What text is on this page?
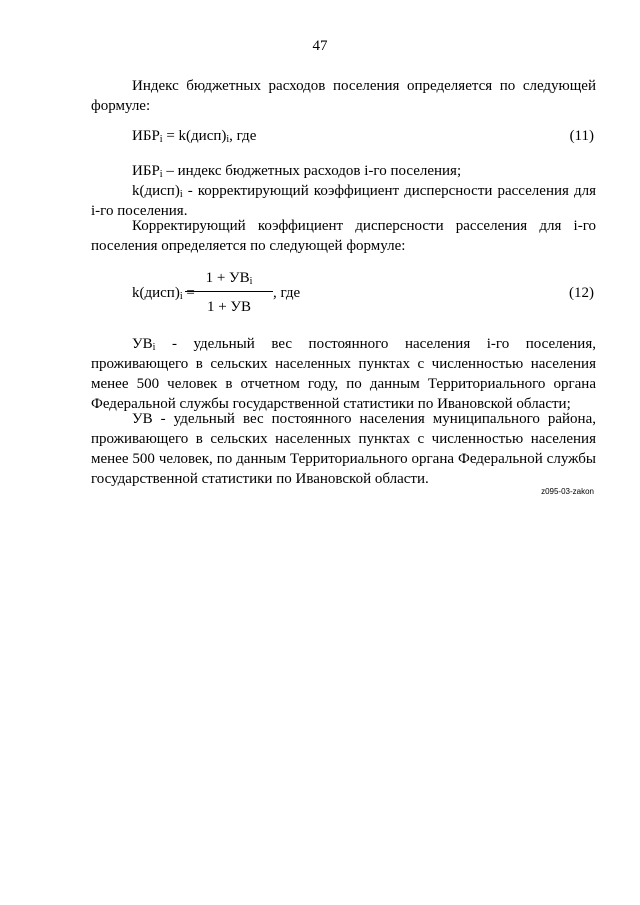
47

Индекс бюджетных расходов поселения определяется по следующей формуле:

$ИБР_i$ = $k(дисп)_i$, где	(11)

$ИБР_i$ – индекс бюджетных расходов i-го поселения;

$k(дисп)_i$ - корректирующий коэффициент дисперсности расселения для i-го поселения.

Корректирующий коэффициент дисперсности расселения для i-го поселения определяется по следующей формуле:

$k(дисп)_i$ =
$1 + УВ_i$
1 + УВ
, где	(12)

$УВ_i$ - удельный вес постоянного населения i-го поселения, проживающего в сельских населенных пунктах с численностью населения менее 500 человек в отчетном году, по данным Территориального органа Федеральной службы государственной статистики по Ивановской области;

УВ - удельный вес постоянного населения муниципального района, проживающего в сельских населенных пунктах с численностью населения менее 500 человек, по данным Территориального органа Федеральной службы государственной статистики по Ивановской области.

z095-03-zakon
